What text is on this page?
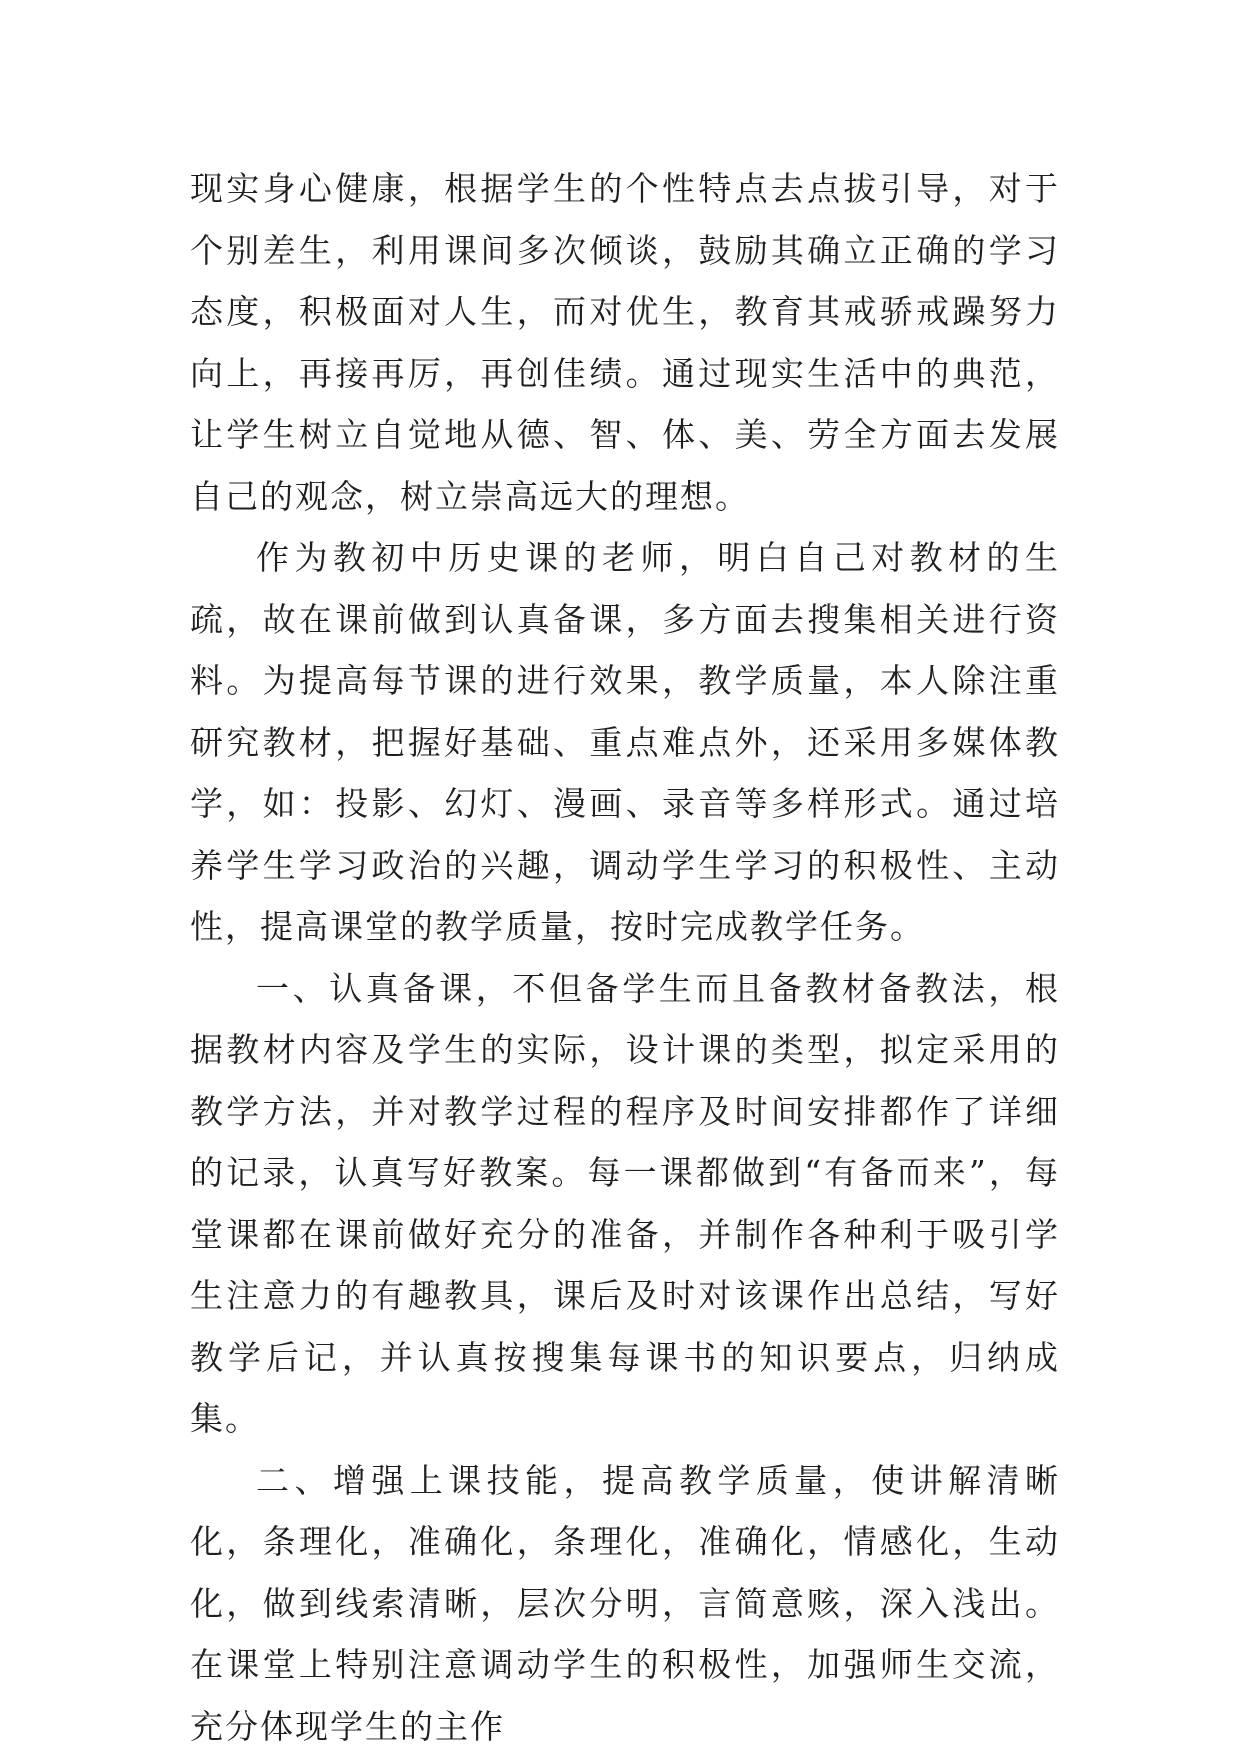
现实身心健康，根据学生的个性特点去点拔引导，对于个别差生，利用课间多次倾谈，鼓励其确立正确的学习态度，积极面对人生，而对优生，教育其戒骄戒躁努力向上，再接再厉，再创佳绩。通过现实生活中的典范，让学生树立自觉地从德、智、体、美、劳全方面去发展自己的观念，树立崇高远大的理想。

作为教初中历史课的老师，明白自己对教材的生疏，故在课前做到认真备课，多方面去搜集相关进行资料。为提高每节课的进行效果，教学质量，本人除注重研究教材，把握好基础、重点难点外，还采用多媒体教学，如：投影、幻灯、漫画、录音等多样形式。通过培养学生学习政治的兴趣，调动学生学习的积极性、主动性，提高课堂的教学质量，按时完成教学任务。

一、认真备课，不但备学生而且备教材备教法，根据教材内容及学生的实际，设计课的类型，拟定采用的教学方法，并对教学过程的程序及时间安排都作了详细的记录，认真写好教案。每一课都做到“有备而来”，每堂课都在课前做好充分的准备，并制作各种利于吸引学生注意力的有趣教具，课后及时对该课作出总结，写好教学后记，并认真按搜集每课书的知识要点，归纳成集。

二、增强上课技能，提高教学质量，使讲解清晰化，条理化，准确化，条理化，准确化，情感化，生动化，做到线索清晰，层次分明，言简意赅，深入浅出。在课堂上特别注意调动学生的积极性，加强师生交流，充分体现学生的主作
